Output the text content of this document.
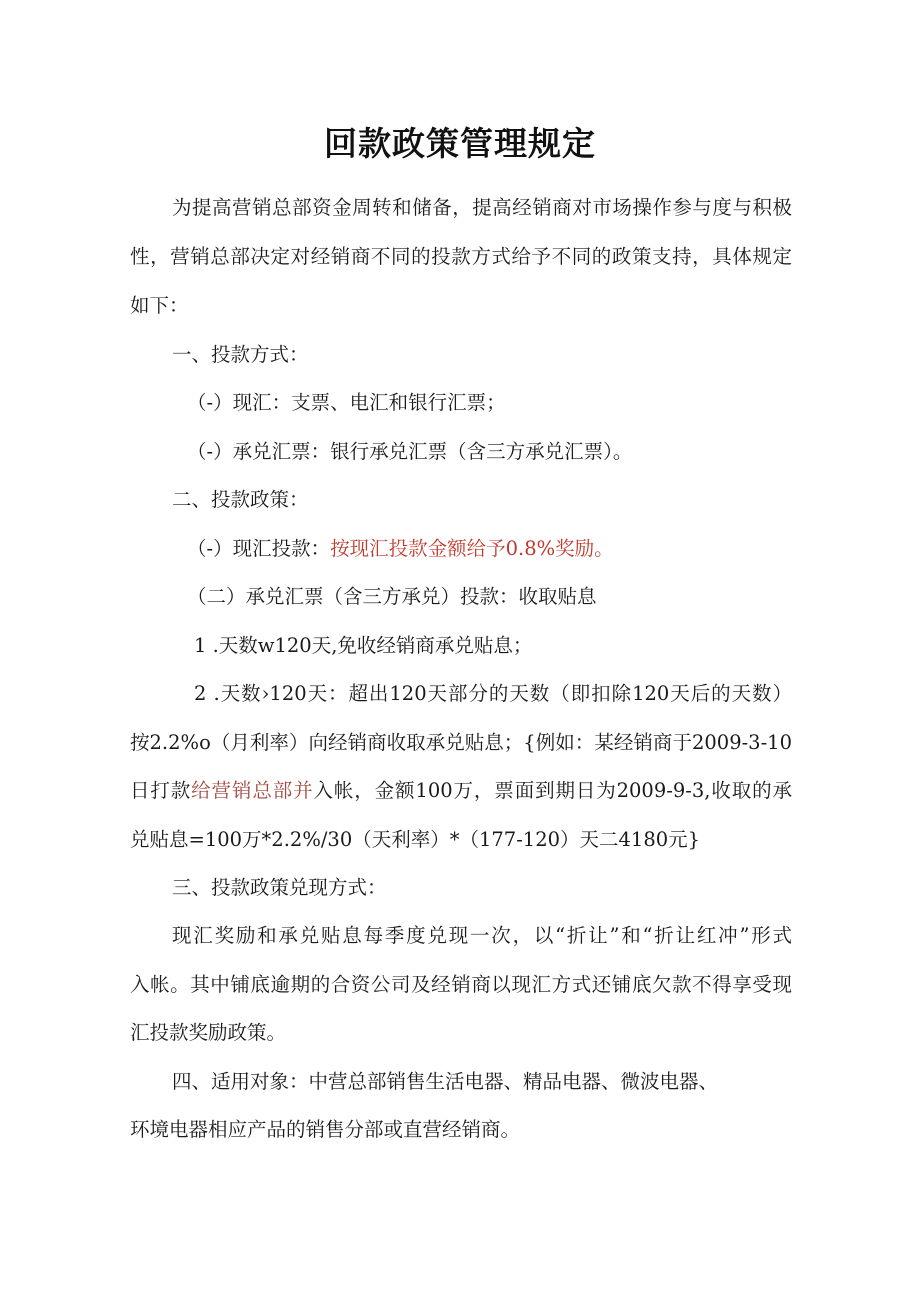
回款政策管理规定
为提高营销总部资金周转和储备，提高经销商对市场操作参与度与积极
性，营销总部决定对经销商不同的投款方式给予不同的政策支持，具体规定
如下：
一、投款方式：
（-）现汇：支票、电汇和银行汇票；
（-）承兑汇票：银行承兑汇票（含三方承兑汇票）。
二、投款政策：
（-）现汇投款：按现汇投款金额给予0.8%奖励。
（二）承兑汇票（含三方承兑）投款：收取贴息
1 .天数w120天,免收经销商承兑贴息；
2 .天数›120天：超出120天部分的天数（即扣除120天后的天数）
按2.2%o（月利率）向经销商收取承兑贴息；{例如：某经销商于2009-3-10
日打款给营销总部并入帐，金额100万，票面到期日为2009-9-3,收取的承
兑贴息=100万*2.2%/30（天利率）*（177-120）天二4180元}
三、投款政策兑现方式：
现汇奖励和承兑贴息每季度兑现一次，以“折让”和“折让红冲”形式
入帐。其中铺底逾期的合资公司及经销商以现汇方式还铺底欠款不得享受现
汇投款奖励政策。
四、适用对象：中营总部销售生活电器、精品电器、微波电器、
环境电器相应产品的销售分部或直营经销商。
